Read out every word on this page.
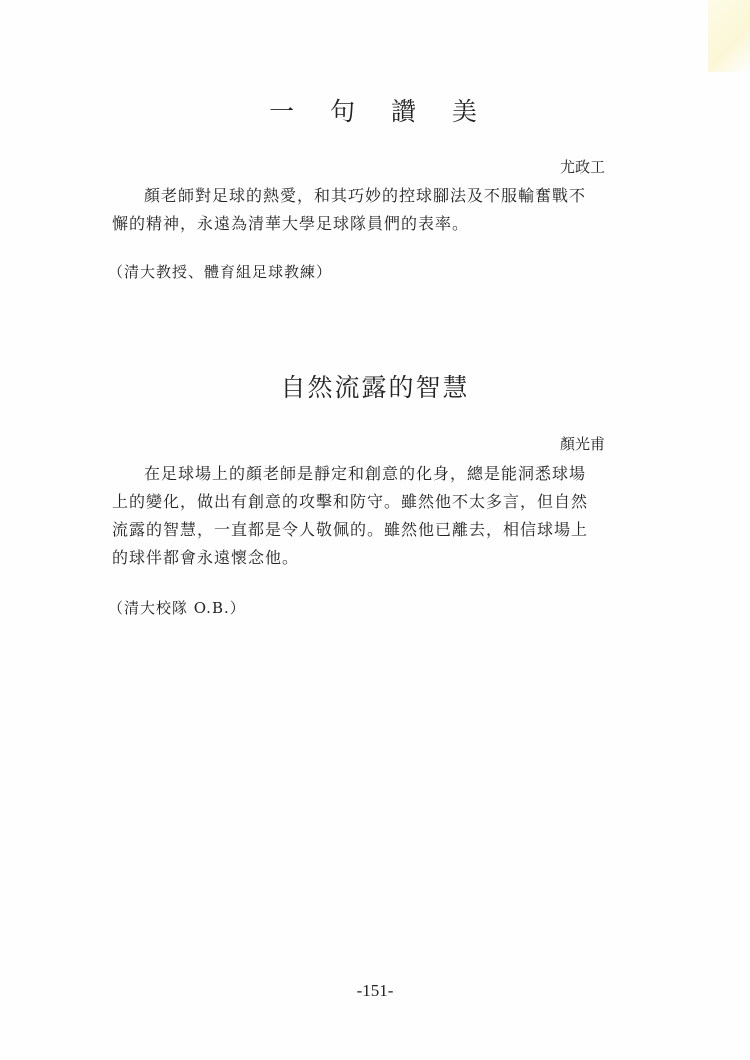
一 句 讚 美
尤政工
顏老師對足球的熱愛，和其巧妙的控球腳法及不服輸奮戰不
懈的精神，永遠為清華大學足球隊員們的表率。
（清大教授、體育組足球教練）
自然流露的智慧
顏光甫
在足球場上的顏老師是靜定和創意的化身，總是能洞悉球場
上的變化，做出有創意的攻擊和防守。雖然他不太多言，但自然
流露的智慧，一直都是令人敬佩的。雖然他已離去，相信球場上
的球伴都會永遠懷念他。
（清大校隊 O.B.）
-151-
